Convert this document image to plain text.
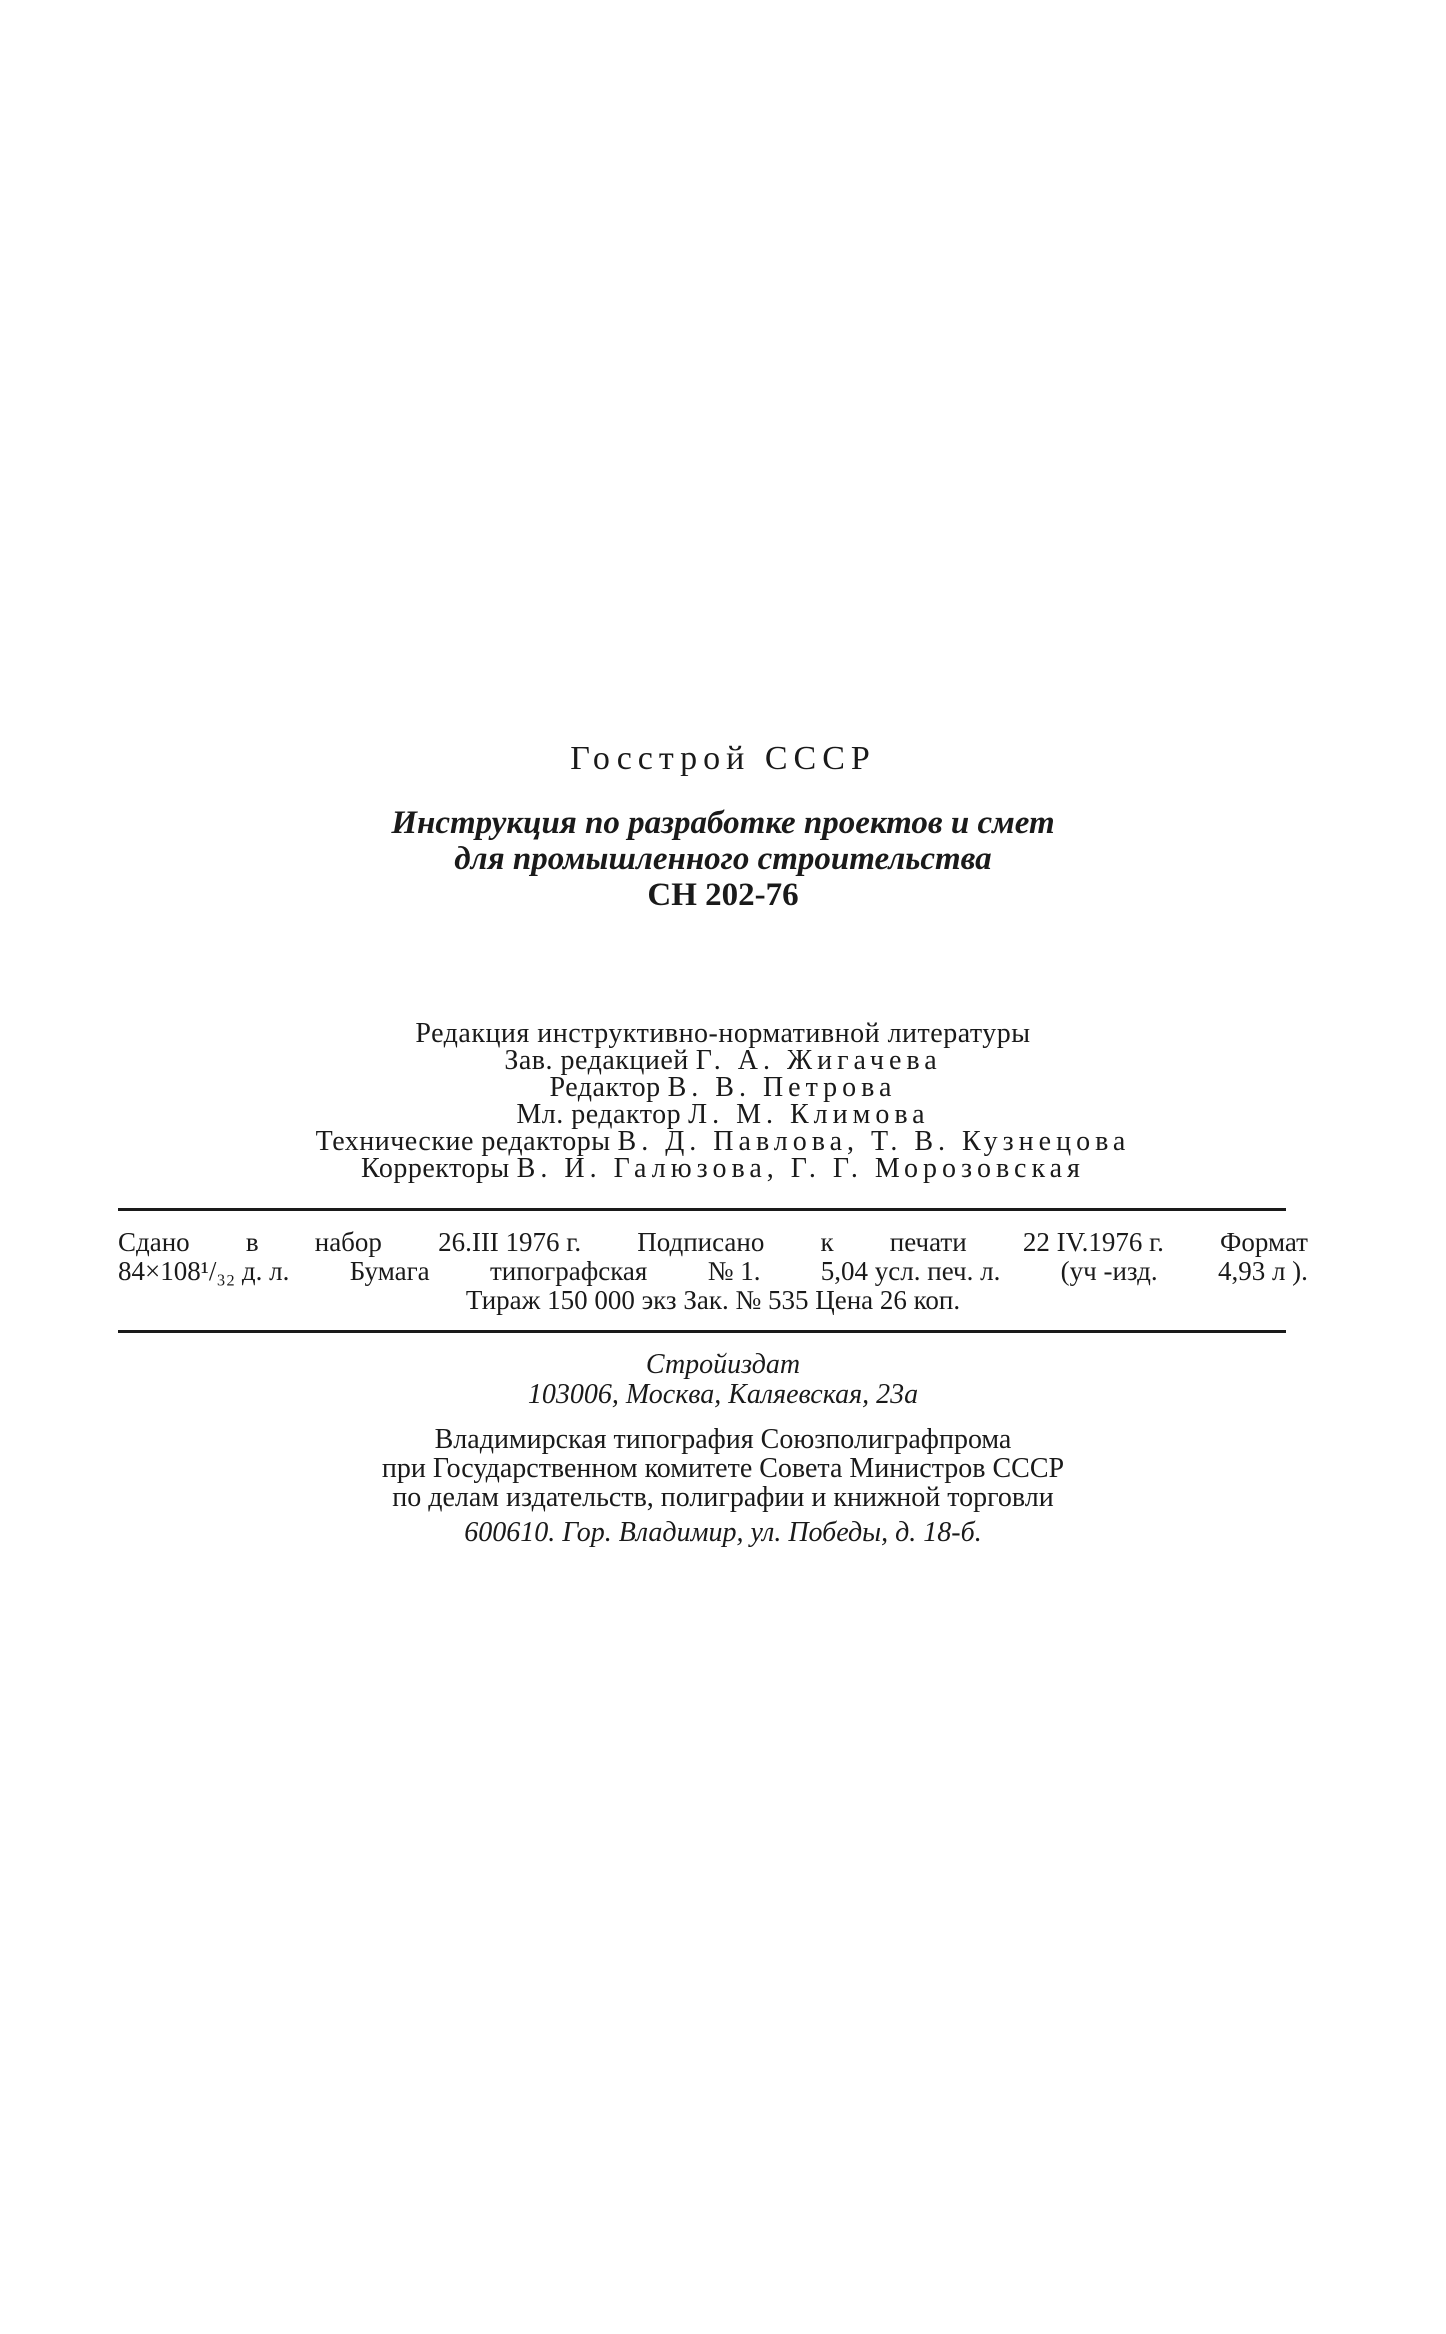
Госстрой СССР
Инструкция по разработке проектов и смет
для промышленного строительства
СН 202-76
Редакция инструктивно-нормативной литературы
Зав. редакцией Г. А. Жигачева
Редактор В. В. Петрова
Мл. редактор Л. М. Климова
Технические редакторы В. Д. Павлова, Т. В. Кузнецова
Корректоры В. И. Галюзова, Г. Г. Морозовская
Сдано в набор 26.III 1976 г. Подписано к печати 22 IV.1976 г. Формат
84×108¹/₃₂ д. л. Бумага типографская № 1. 5,04 усл. печ. л. (уч -изд. 4,93 л ).
Тираж 150 000 экз Зак. № 535 Цена 26 коп.
Стройиздат
103006, Москва, Каляевская, 23а
Владимирская типография Союзполиграфпрома
при Государственном комитете Совета Министров СССР
по делам издательств, полиграфии и книжной торговли
600610. Гор. Владимир, ул. Победы, д. 18-б.
